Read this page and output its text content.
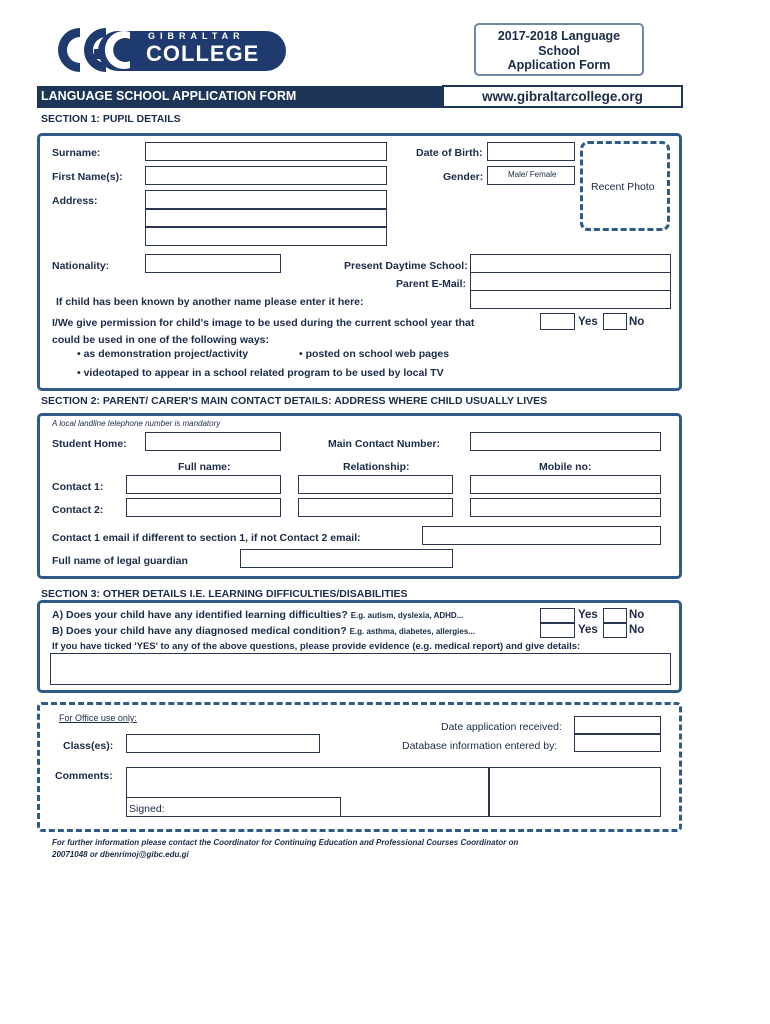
GIBRALTAR
COLLEGE
2017-2018 Language
School
Application Form
LANGUAGE SCHOOL APPLICATION FORM	www.gibraltarcollege.org
SECTION 1: PUPIL DETAILS
Surname:	Date of Birth:
First Name(s):	Gender:	Male/ Female
Recent Photo
Address:
Nationality:	Present Daytime School:
Parent E-Mail:
If child has been known by another name please enter it here:
I/We give permission for child's image to be used during the current school year that	Yes	No
could be used in one of the following ways:
• as demonstration project/activity	• posted on school web pages
• videotaped to appear in a school related program to be used by local TV
SECTION 2: PARENT/ CARER'S MAIN CONTACT DETAILS: ADDRESS WHERE CHILD USUALLY LIVES
A local landline telephone number is mandatory
Student Home:	Main Contact Number:
Full name:	Relationship:	Mobile no:
Contact 1:
Contact 2:
Contact 1 email if different to section 1, if not Contact 2 email:
Full name of legal guardian
SECTION 3: OTHER DETAILS I.E. LEARNING DIFFICULTIES/DISABILITIES
A) Does your child have any identified learning difficulties? E.g. autism, dyslexia, ADHD...	Yes	No
B) Does your child have any diagnosed medical condition? E.g. asthma, diabetes, allergies...	Yes	No
If you have ticked 'YES' to any of the above questions, please provide evidence (e.g. medical report) and give details:
For Office use only:
Date application received:
Class(es):	Database information entered by:
Comments:
Signed:
For further information please contact the Coordinator for Continuing Education and Professional Courses Coordinator on
20071048 or dbenrimoj@gibc.edu.gi
